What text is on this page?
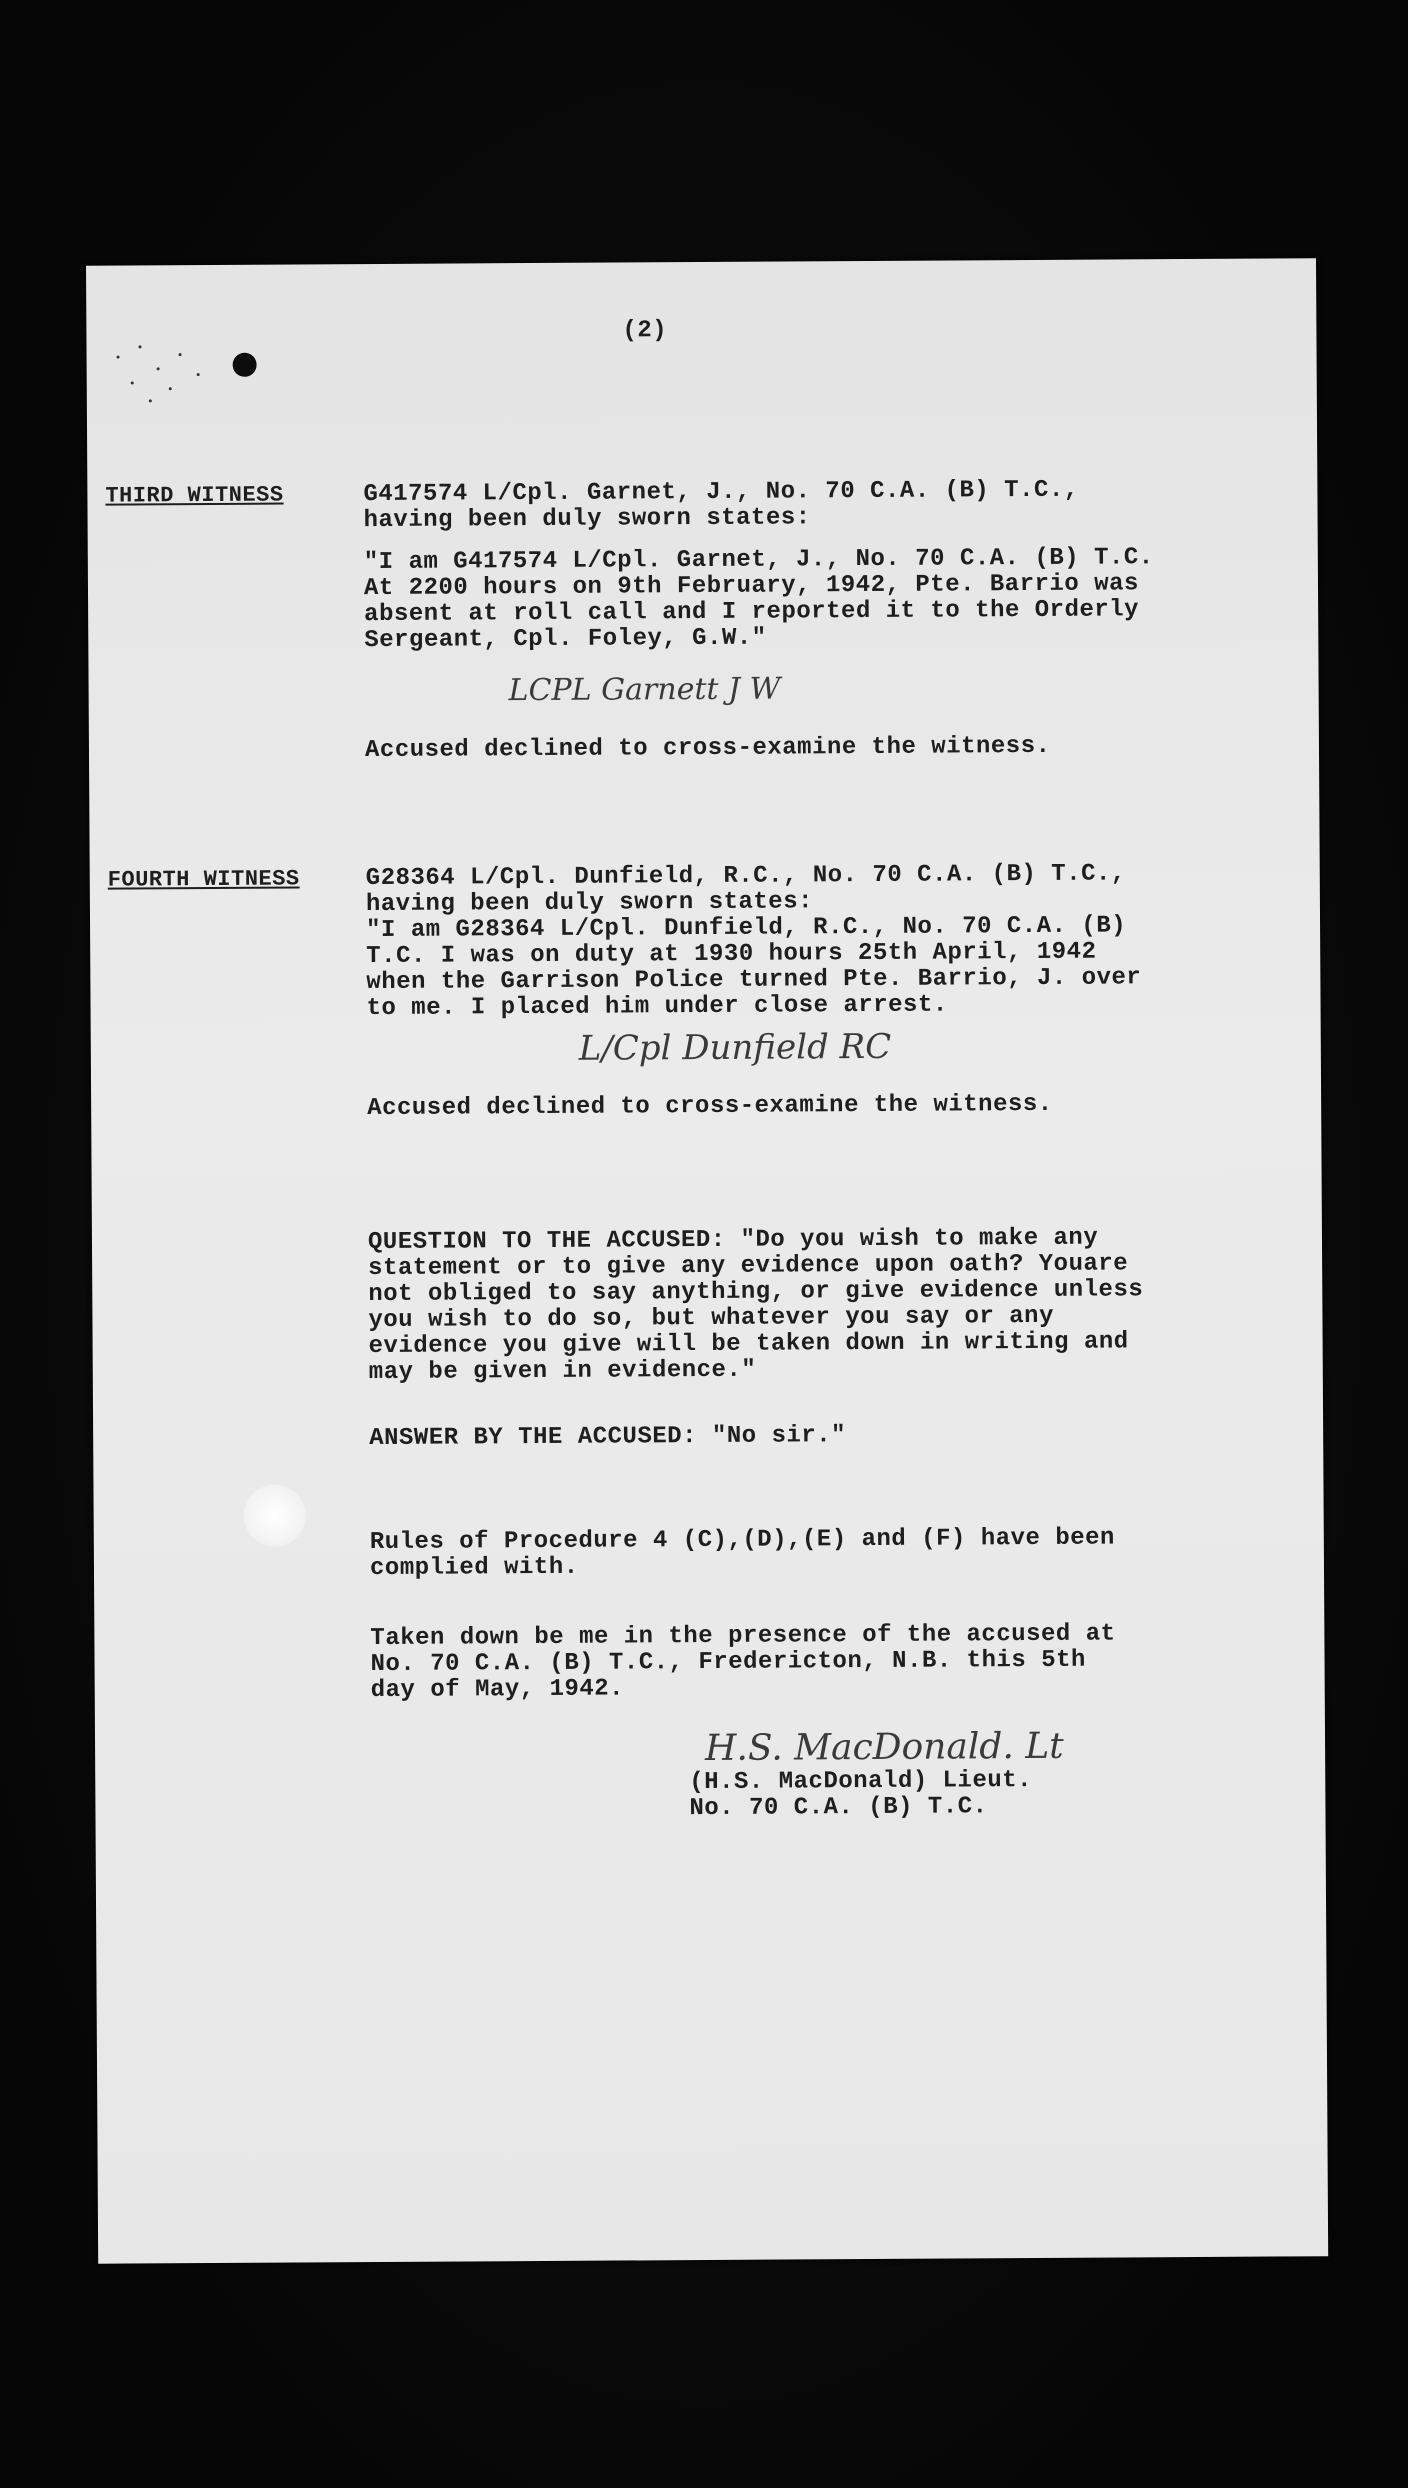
(2)
THIRD WITNESS	G417574 L/Cpl. Garnet, J., No. 70 C.A. (B) T.C.,
having been duly sworn states:
"I am G417574 L/Cpl. Garnet, J., No. 70 C.A. (B) T.C.
At 2200 hours on 9th February, 1942, Pte. Barrio was
absent at roll call and I reported it to the Orderly
Sergeant, Cpl. Foley, G.W."
LCPL Garnett J W
Accused declined to cross-examine the witness.
FOURTH WITNESS	G28364 L/Cpl. Dunfield, R.C., No. 70 C.A. (B) T.C.,
having been duly sworn states:
"I am G28364 L/Cpl. Dunfield, R.C., No. 70 C.A. (B)
T.C. I was on duty at 1930 hours 25th April, 1942
when the Garrison Police turned Pte. Barrio, J. over
to me. I placed him under close arrest.
L/Cpl Dunfield RC
Accused declined to cross-examine the witness.
QUESTION TO THE ACCUSED: "Do you wish to make any
statement or to give any evidence upon oath? Youare
not obliged to say anything, or give evidence unless
you wish to do so, but whatever you say or any
evidence you give will be taken down in writing and
may be given in evidence."
ANSWER BY THE ACCUSED: "No sir."
Rules of Procedure 4 (C),(D),(E) and (F) have been
complied with.
Taken down be me in the presence of the accused at
No. 70 C.A. (B) T.C., Fredericton, N.B. this 5th
day of May, 1942.
H.S. MacDonald. Lt
(H.S. MacDonald) Lieut.
No. 70 C.A. (B) T.C.
